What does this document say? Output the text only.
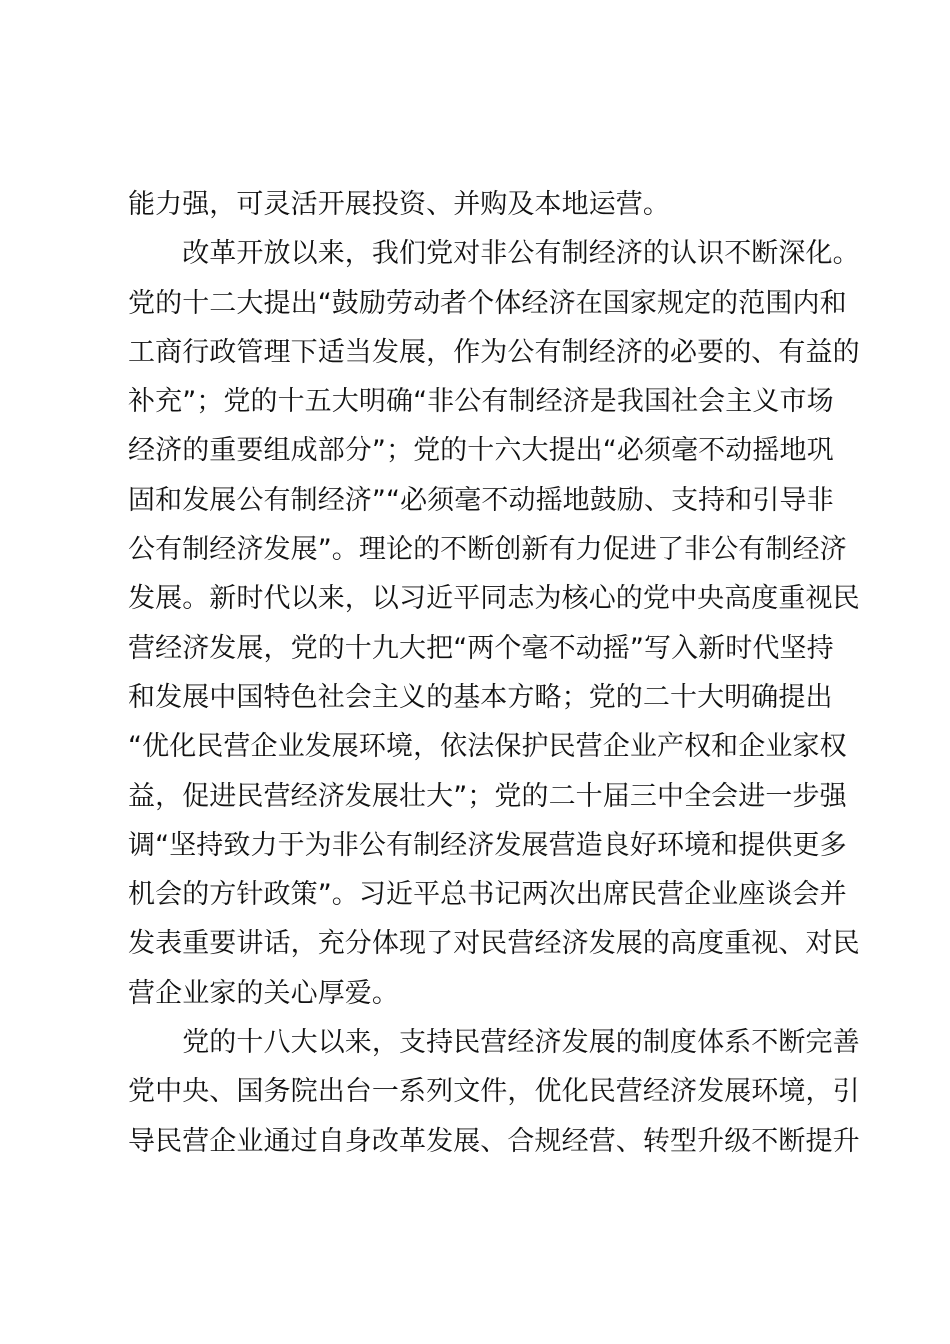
能力强，可灵活开展投资、并购及本地运营。
　　改革开放以来，我们党对非公有制经济的认识不断深化。
党的十二大提出“鼓励劳动者个体经济在国家规定的范围内和
工商行政管理下适当发展，作为公有制经济的必要的、有益的
补充”；党的十五大明确“非公有制经济是我国社会主义市场
经济的重要组成部分”；党的十六大提出“必须毫不动摇地巩
固和发展公有制经济”“必须毫不动摇地鼓励、支持和引导非
公有制经济发展”。理论的不断创新有力促进了非公有制经济
发展。新时代以来，以习近平同志为核心的党中央高度重视民
营经济发展，党的十九大把“两个毫不动摇”写入新时代坚持
和发展中国特色社会主义的基本方略；党的二十大明确提出
“优化民营企业发展环境，依法保护民营企业产权和企业家权
益，促进民营经济发展壮大”；党的二十届三中全会进一步强
调“坚持致力于为非公有制经济发展营造良好环境和提供更多
机会的方针政策”。习近平总书记两次出席民营企业座谈会并
发表重要讲话，充分体现了对民营经济发展的高度重视、对民
营企业家的关心厚爱。
　　党的十八大以来，支持民营经济发展的制度体系不断完善
党中央、国务院出台一系列文件，优化民营经济发展环境，引
导民营企业通过自身改革发展、合规经营、转型升级不断提升
